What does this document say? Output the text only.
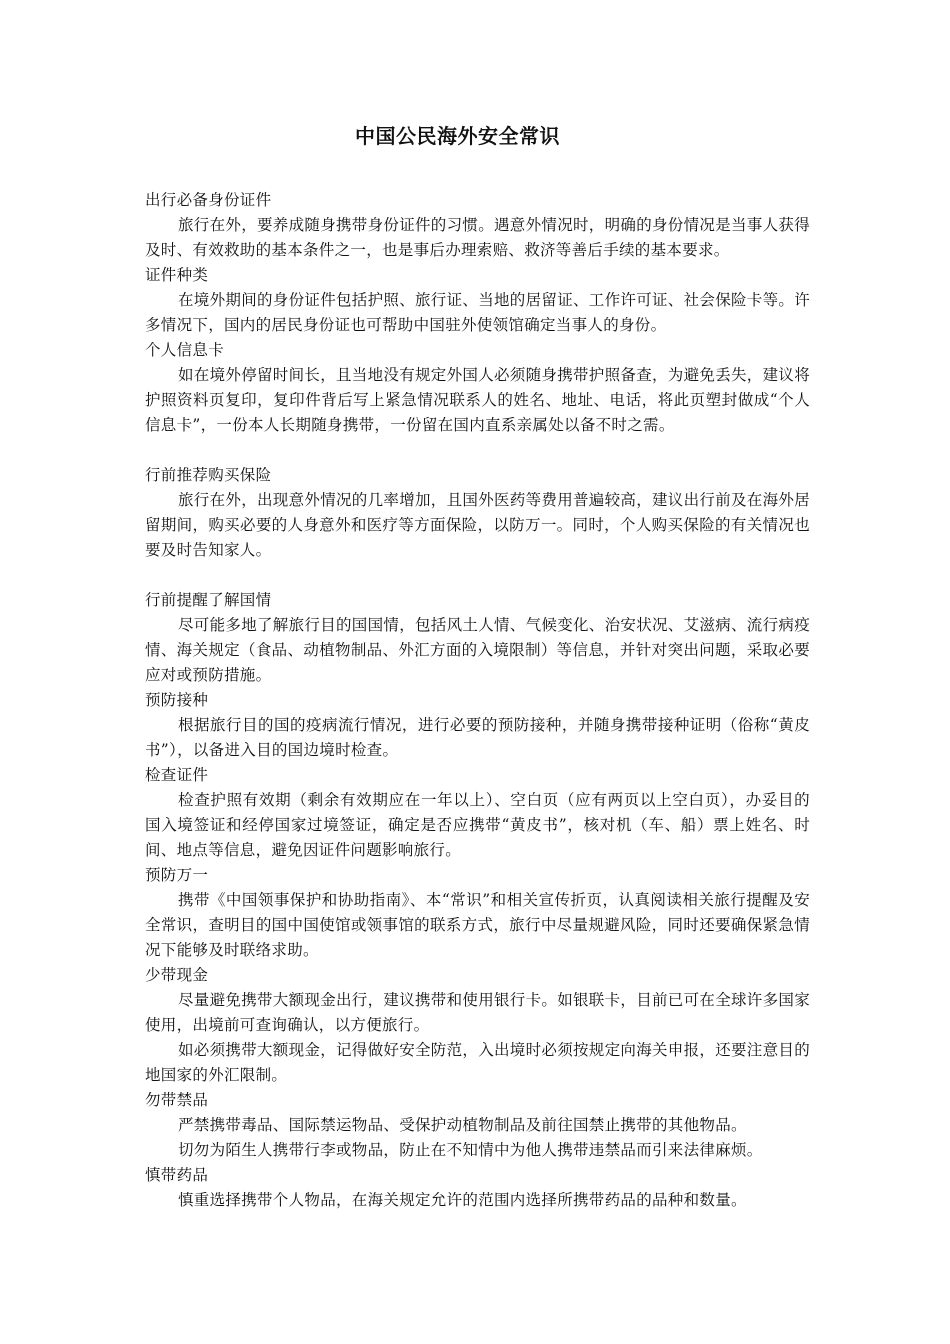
中国公民海外安全常识

出行必备身份证件

旅行在外，要养成随身携带身份证件的习惯。遇意外情况时，明确的身份情况是当事人获得及时、有效救助的基本条件之一，也是事后办理索赔、救济等善后手续的基本要求。

证件种类

在境外期间的身份证件包括护照、旅行证、当地的居留证、工作许可证、社会保险卡等。许多情况下，国内的居民身份证也可帮助中国驻外使领馆确定当事人的身份。

个人信息卡

如在境外停留时间长，且当地没有规定外国人必须随身携带护照备查，为避免丢失，建议将护照资料页复印，复印件背后写上紧急情况联系人的姓名、地址、电话，将此页塑封做成“个人信息卡”，一份本人长期随身携带，一份留在国内直系亲属处以备不时之需。

行前推荐购买保险

旅行在外，出现意外情况的几率增加，且国外医药等费用普遍较高，建议出行前及在海外居留期间，购买必要的人身意外和医疗等方面保险，以防万一。同时，个人购买保险的有关情况也要及时告知家人。

行前提醒了解国情

尽可能多地了解旅行目的国国情，包括风土人情、气候变化、治安状况、艾滋病、流行病疫情、海关规定（食品、动植物制品、外汇方面的入境限制）等信息，并针对突出问题，采取必要应对或预防措施。

预防接种

根据旅行目的国的疫病流行情况，进行必要的预防接种，并随身携带接种证明（俗称“黄皮书”），以备进入目的国边境时检查。

检查证件

检查护照有效期（剩余有效期应在一年以上）、空白页（应有两页以上空白页），办妥目的国入境签证和经停国家过境签证，确定是否应携带“黄皮书”，核对机（车、船）票上姓名、时间、地点等信息，避免因证件问题影响旅行。

预防万一

携带《中国领事保护和协助指南》、本“常识”和相关宣传折页，认真阅读相关旅行提醒及安全常识，查明目的国中国使馆或领事馆的联系方式，旅行中尽量规避风险，同时还要确保紧急情况下能够及时联络求助。

少带现金

尽量避免携带大额现金出行，建议携带和使用银行卡。如银联卡，目前已可在全球许多国家使用，出境前可查询确认，以方便旅行。

如必须携带大额现金，记得做好安全防范，入出境时必须按规定向海关申报，还要注意目的地国家的外汇限制。

勿带禁品

严禁携带毒品、国际禁运物品、受保护动植物制品及前往国禁止携带的其他物品。

切勿为陌生人携带行李或物品，防止在不知情中为他人携带违禁品而引来法律麻烦。

慎带药品

慎重选择携带个人物品，在海关规定允许的范围内选择所携带药品的品种和数量。
